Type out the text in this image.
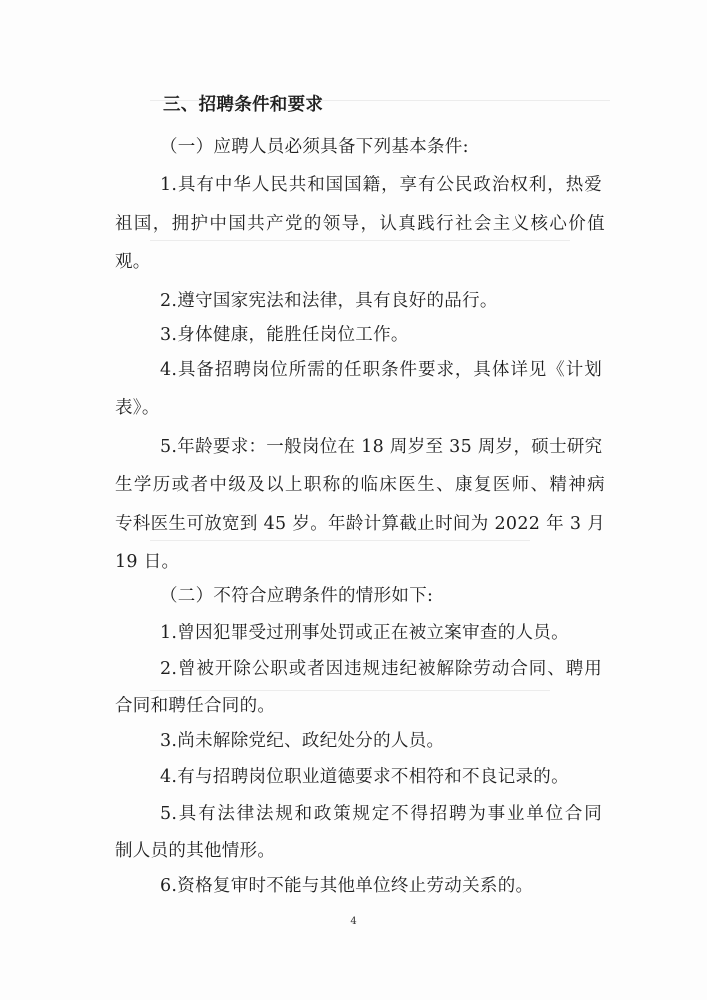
三、招聘条件和要求
（一）应聘人员必须具备下列基本条件:
1.具有中华人民共和国国籍，享有公民政治权利，热爱
祖国，拥护中国共产党的领导，认真践行社会主义核心价值
观。
2.遵守国家宪法和法律，具有良好的品行。
3.身体健康，能胜任岗位工作。
4.具备招聘岗位所需的任职条件要求，具体详见《计划
表》。
5.年龄要求：一般岗位在 18 周岁至 35 周岁，硕士研究
生学历或者中级及以上职称的临床医生、康复医师、精神病
专科医生可放宽到 45 岁。年龄计算截止时间为 2022 年 3 月
19 日。
（二）不符合应聘条件的情形如下:
1.曾因犯罪受过刑事处罚或正在被立案审查的人员。
2.曾被开除公职或者因违规违纪被解除劳动合同、聘用
合同和聘任合同的。
3.尚未解除党纪、政纪处分的人员。
4.有与招聘岗位职业道德要求不相符和不良记录的。
5.具有法律法规和政策规定不得招聘为事业单位合同
制人员的其他情形。
6.资格复审时不能与其他单位终止劳动关系的。
4
